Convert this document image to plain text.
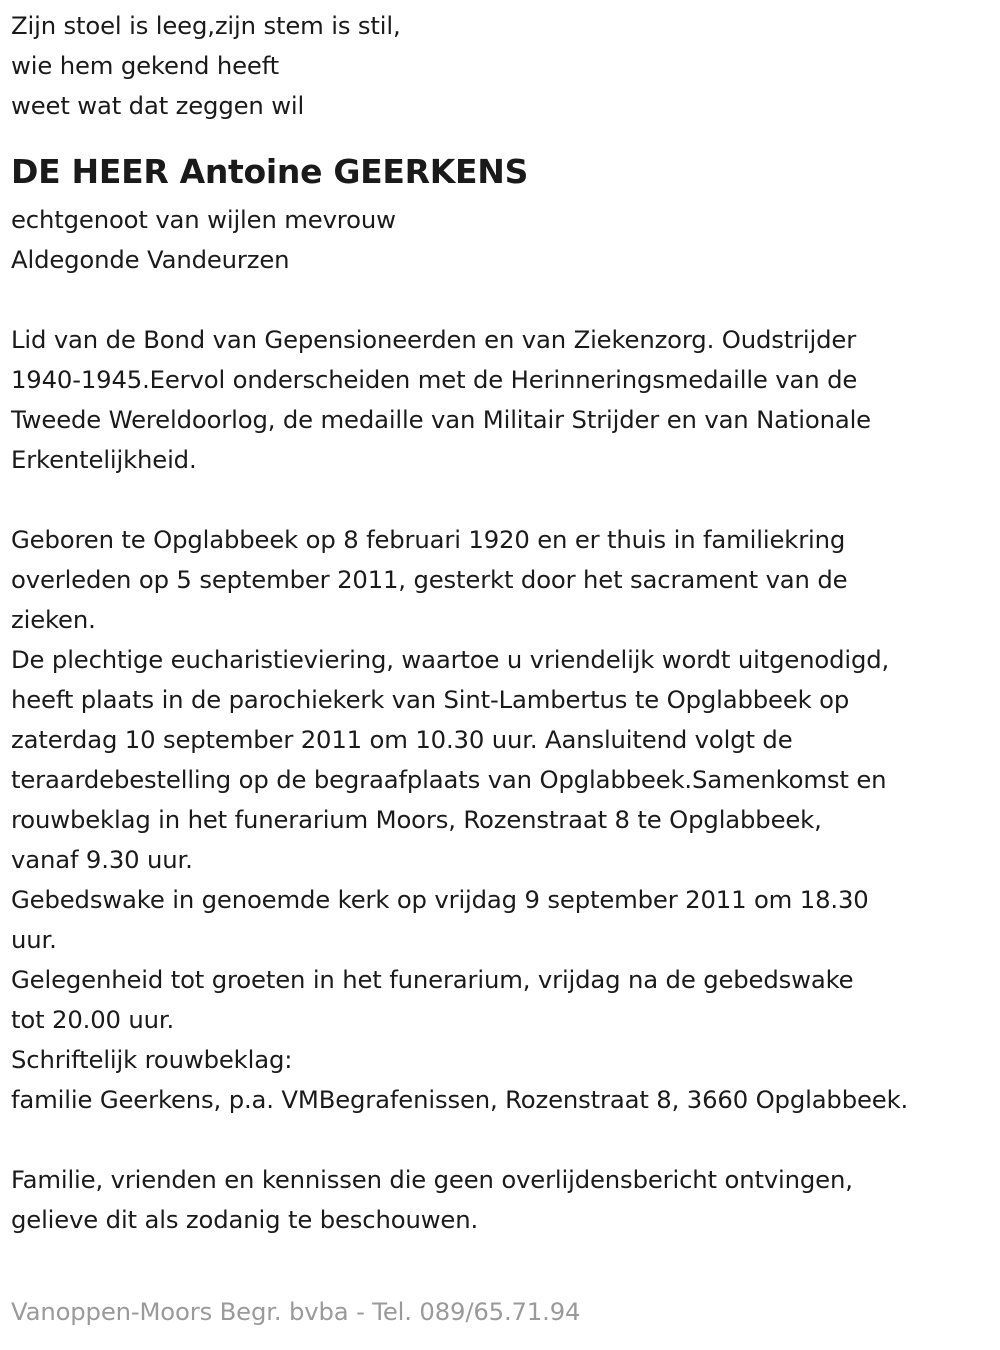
Zijn stoel is leeg,zijn stem is stil,
wie hem gekend heeft
weet wat dat zeggen wil
DE HEER Antoine GEERKENS
echtgenoot van wijlen mevrouw
Aldegonde Vandeurzen
Lid van de Bond van Gepensioneerden en van Ziekenzorg. Oudstrijder
1940-1945.Eervol onderscheiden met de Herinneringsmedaille van de
Tweede Wereldoorlog, de medaille van Militair Strijder en van Nationale
Erkentelijkheid.
Geboren te Opglabbeek op 8 februari 1920 en er thuis in familiekring
overleden op 5 september 2011, gesterkt door het sacrament van de
zieken.
De plechtige eucharistieviering, waartoe u vriendelijk wordt uitgenodigd,
heeft plaats in de parochiekerk van Sint-Lambertus te Opglabbeek op
zaterdag 10 september 2011 om 10.30 uur. Aansluitend volgt de
teraardebestelling op de begraafplaats van Opglabbeek.Samenkomst en
rouwbeklag in het funerarium Moors, Rozenstraat 8 te Opglabbeek,
vanaf 9.30 uur.
Gebedswake in genoemde kerk op vrijdag 9 september 2011 om 18.30
uur.
Gelegenheid tot groeten in het funerarium, vrijdag na de gebedswake
tot 20.00 uur.
Schriftelijk rouwbeklag:
familie Geerkens, p.a. VMBegrafenissen, Rozenstraat 8, 3660 Opglabbeek.
Familie, vrienden en kennissen die geen overlijdensbericht ontvingen,
gelieve dit als zodanig te beschouwen.
Vanoppen-Moors Begr. bvba - Tel. 089/65.71.94
